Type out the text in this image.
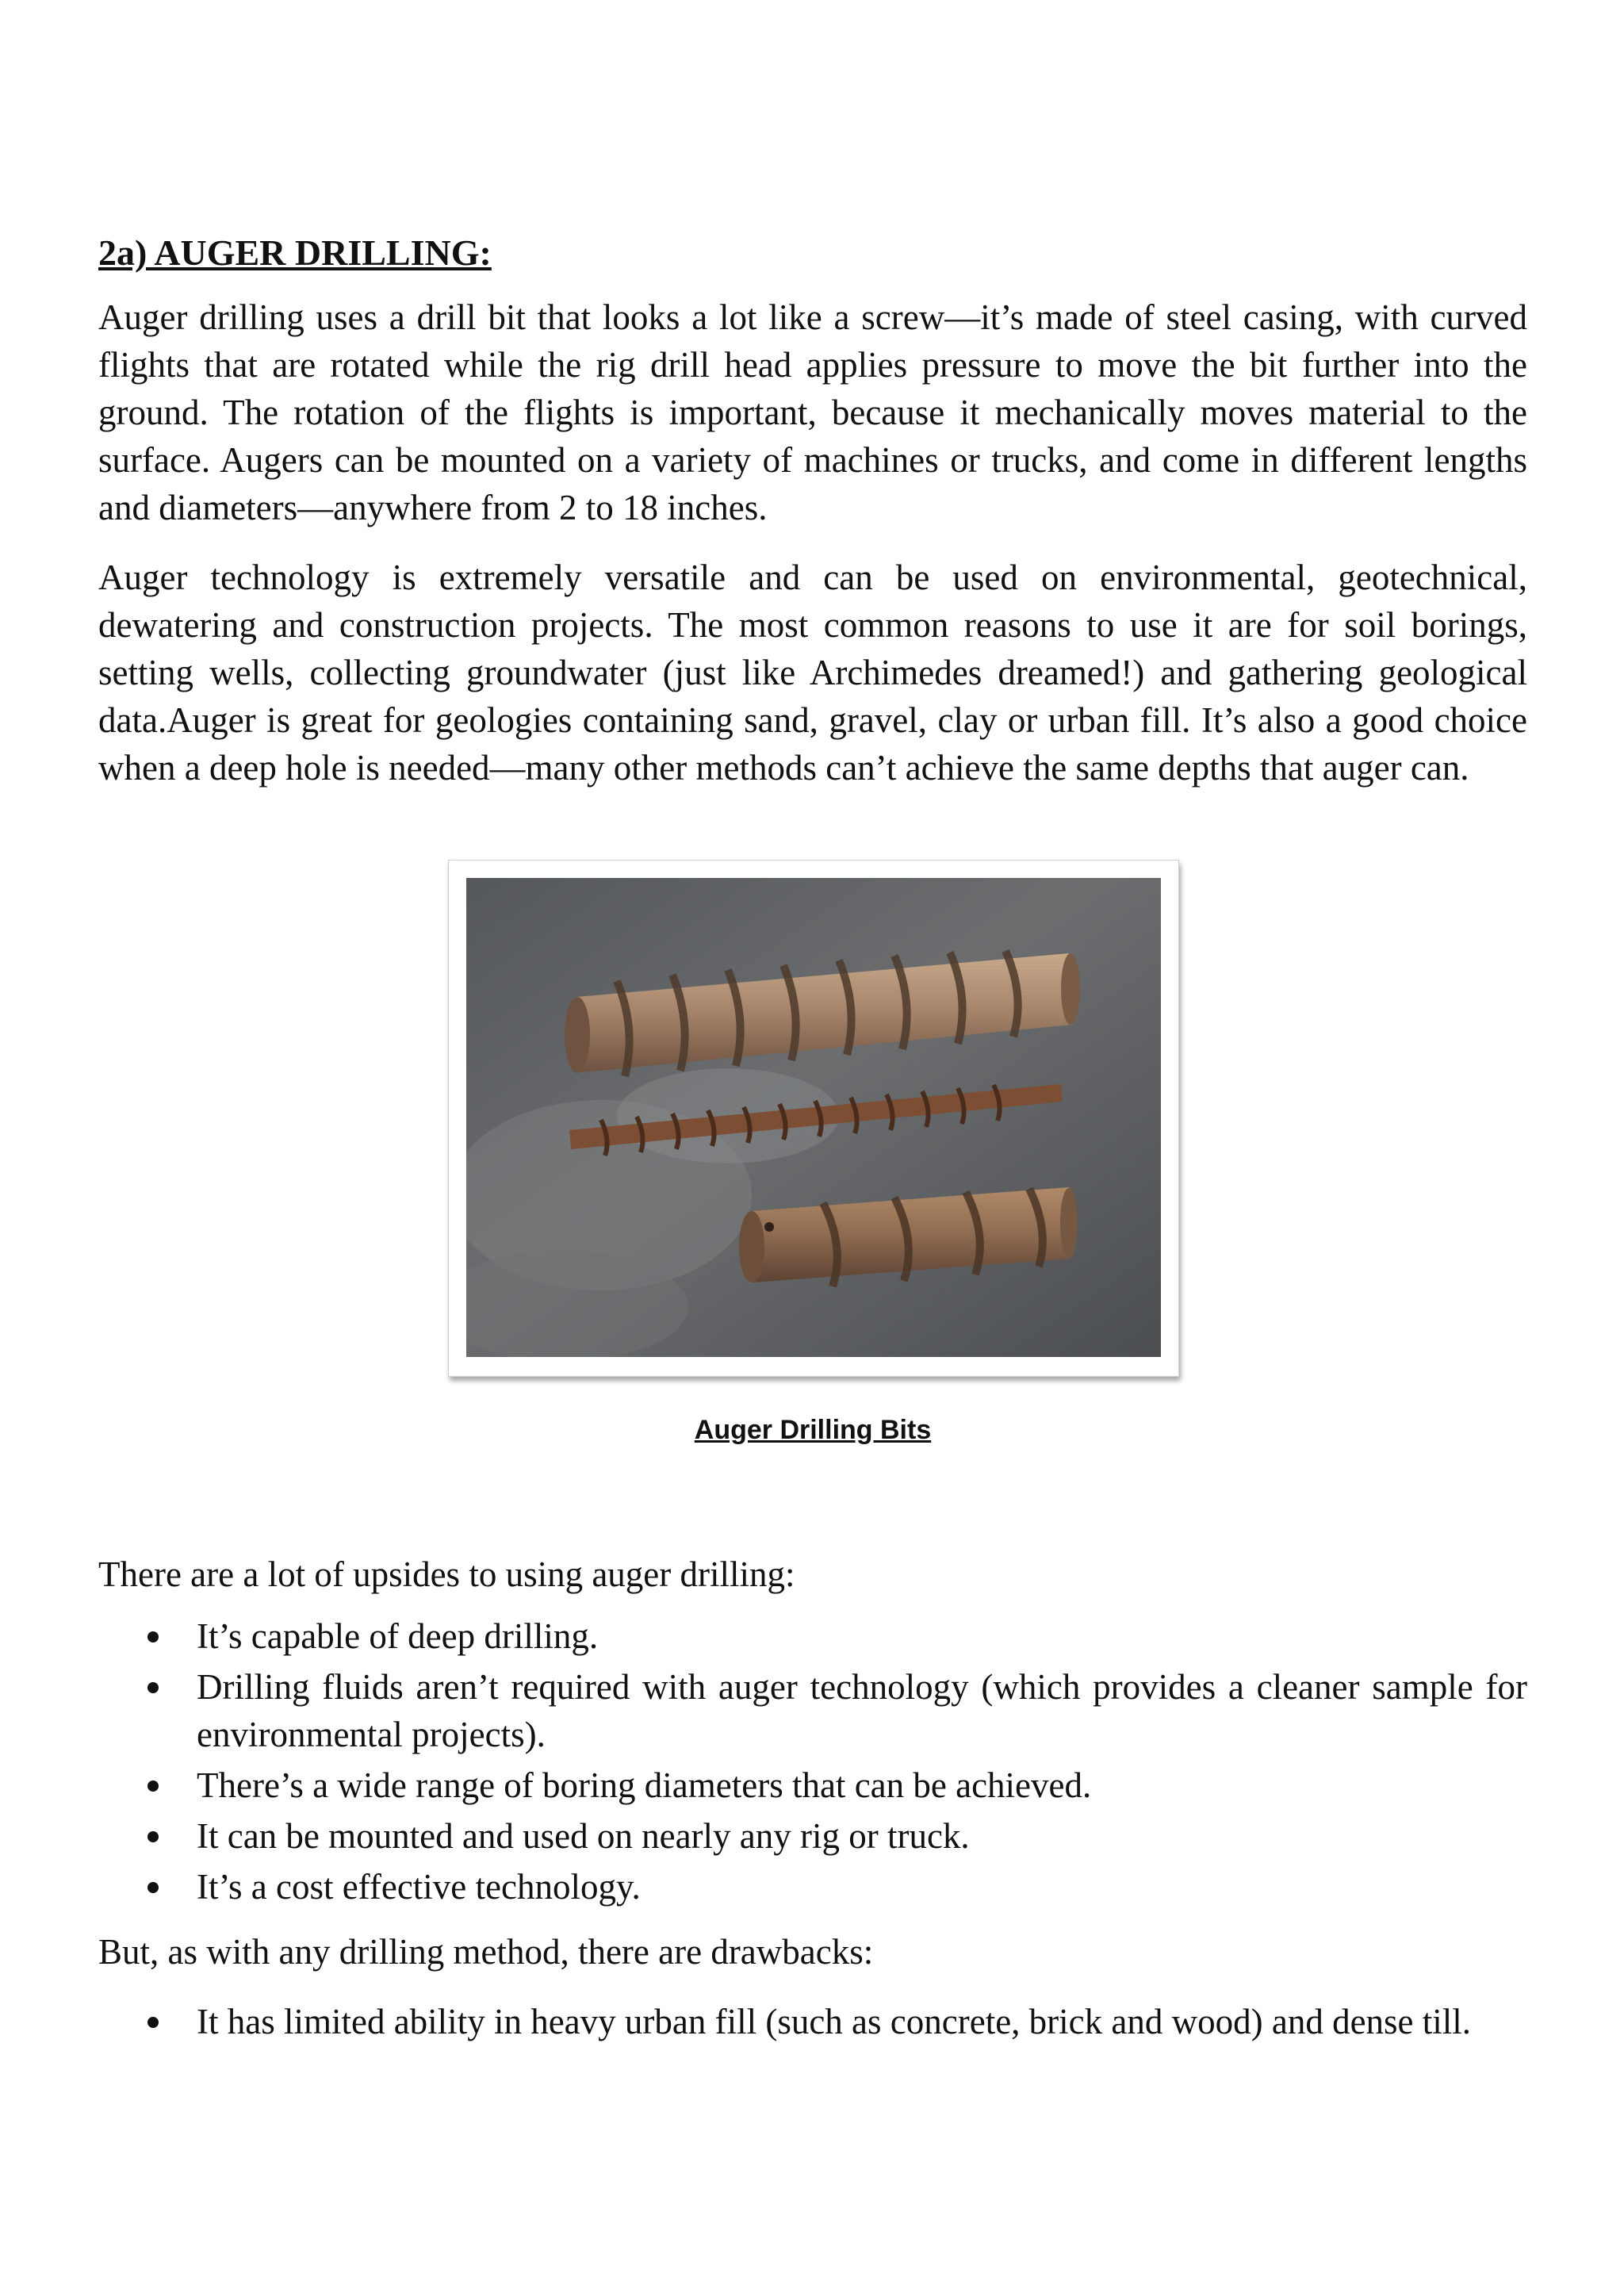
2a) AUGER DRILLING:

Auger drilling uses a drill bit that looks a lot like a screw—it’s made of steel casing, with curved flights that are rotated while the rig drill head applies pressure to move the bit further into the ground. The rotation of the flights is important, because it mechanically moves material to the surface. Augers can be mounted on a variety of machines or trucks, and come in different lengths and diameters—anywhere from 2 to 18 inches.

Auger technology is extremely versatile and can be used on environmental, geotechnical, dewatering and construction projects. The most common reasons to use it are for soil borings, setting wells, collecting groundwater (just like Archimedes dreamed!) and gathering geological data.Auger is great for geologies containing sand, gravel, clay or urban fill. It’s also a good choice when a deep hole is needed—many other methods can’t achieve the same depths that auger can.

Auger Drilling Bits

There are a lot of upsides to using auger drilling:

It’s capable of deep drilling.
Drilling fluids aren’t required with auger technology (which provides a cleaner sample for environmental projects).
There’s a wide range of boring diameters that can be achieved.
It can be mounted and used on nearly any rig or truck.
It’s a cost effective technology.

But, as with any drilling method, there are drawbacks:

It has limited ability in heavy urban fill (such as concrete, brick and wood) and dense till.
